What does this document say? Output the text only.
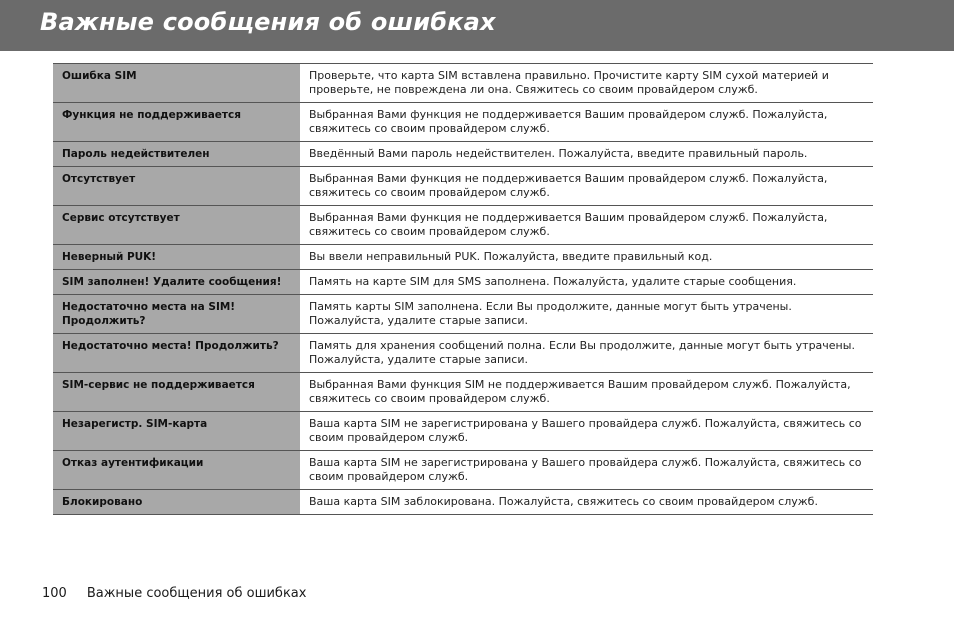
Важные сообщения об ошибках
Ошибка SIM	Проверьте, что карта SIM вставлена правильно. Прочистите карту SIM сухой материей и проверьте, не повреждена ли она. Свяжитесь со своим провайдером служб.
Функция не поддерживается	Выбранная Вами функция не поддерживается Вашим провайдером служб. Пожалуйста, свяжитесь со своим провайдером служб.
Пароль недействителен	Введённый Вами пароль недействителен. Пожалуйста, введите правильный пароль.
Отсутствует	Выбранная Вами функция не поддерживается Вашим провайдером служб. Пожалуйста, свяжитесь со своим провайдером служб.
Сервис отсутствует	Выбранная Вами функция не поддерживается Вашим провайдером служб. Пожалуйста, свяжитесь со своим провайдером служб.
Неверный PUK!	Вы ввели неправильный PUK. Пожалуйста, введите правильный код.
SIM заполнен! Удалите сообщения!	Память на карте SIM для SMS заполнена. Пожалуйста, удалите старые сообщения.
Недостаточно места на SIM! Продолжить?	Память карты SIM заполнена. Если Вы продолжите, данные могут быть утрачены. Пожалуйста, удалите старые записи.
Недостаточно места! Продолжить?	Память для хранения сообщений полна. Если Вы продолжите, данные могут быть утрачены. Пожалуйста, удалите старые записи.
SIM-сервис не поддерживается	Выбранная Вами функция SIM не поддерживается Вашим провайдером служб. Пожалуйста, свяжитесь со своим провайдером служб.
Незарегистр. SIM-карта	Ваша карта SIM не зарегистрирована у Вашего провайдера служб. Пожалуйста, свяжитесь со своим провайдером служб.
Отказ аутентификации	Ваша карта SIM не зарегистрирована у Вашего провайдера служб. Пожалуйста, свяжитесь со своим провайдером служб.
Блокировано	Ваша карта SIM заблокирована. Пожалуйста, свяжитесь со своим провайдером служб.
100 Важные сообщения об ошибках
